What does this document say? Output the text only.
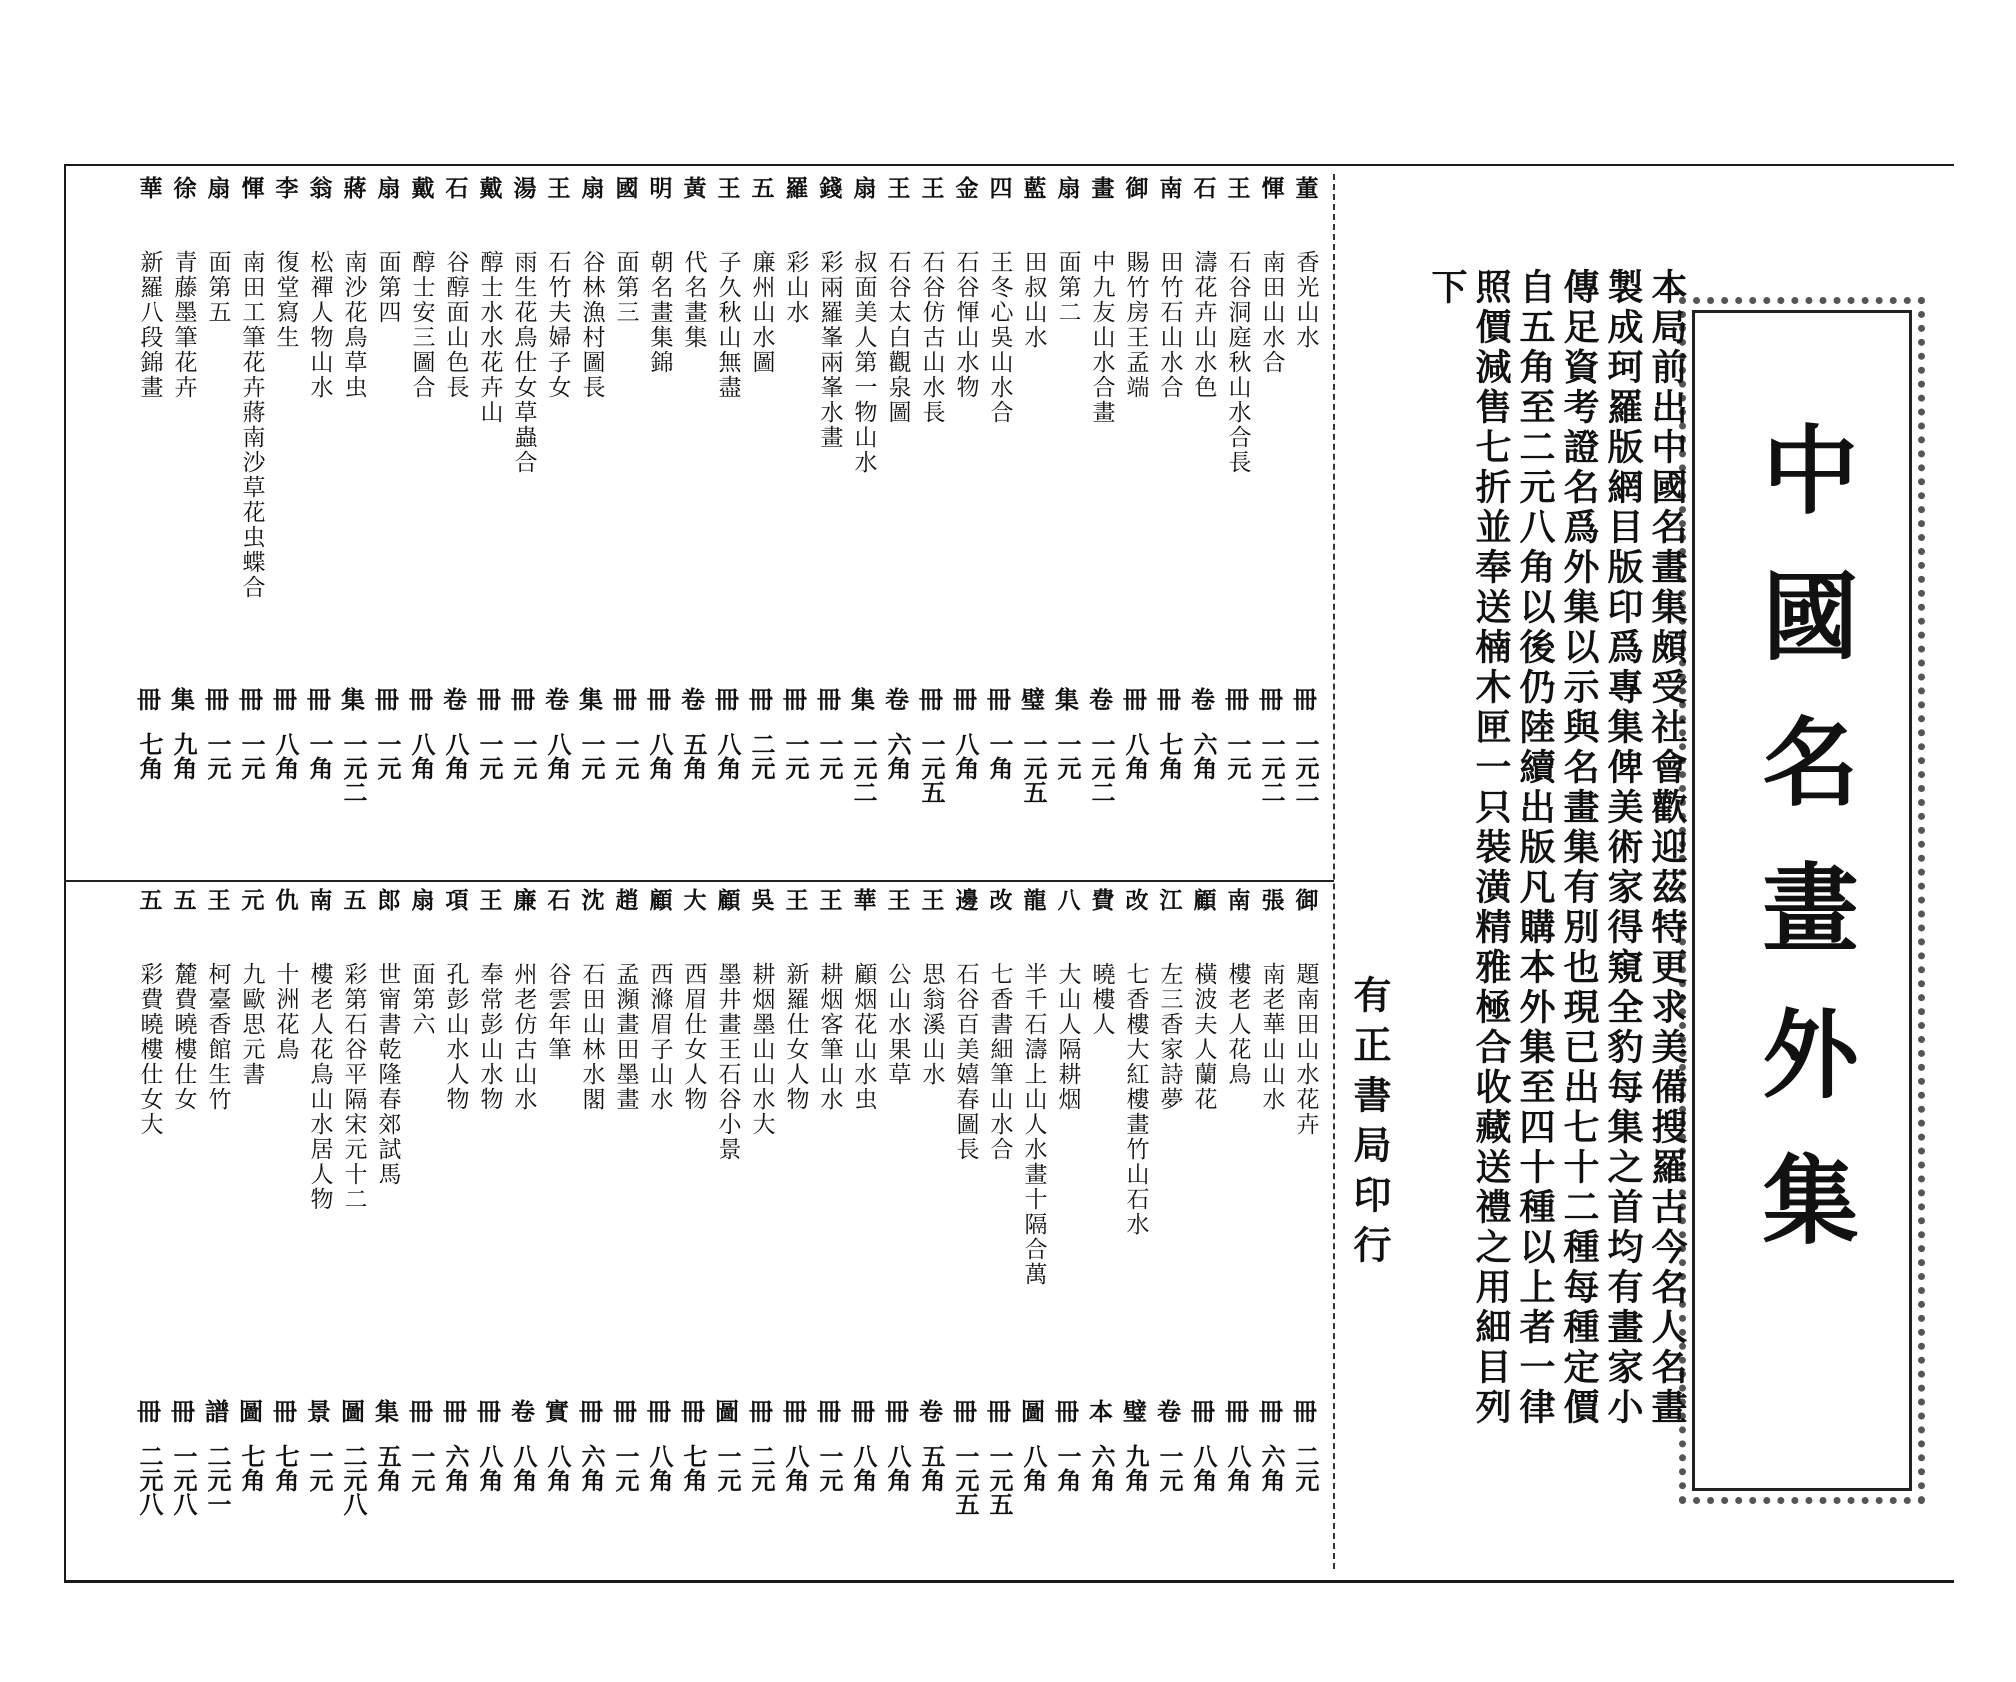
董
香光山水
冊
一元二
惲
南田山水合
冊
一元二
王
石谷洞庭秋山水合長
冊
一元
石
濤花卉山水色
卷
六角
南
田竹石山水合
冊
七角
御
賜竹房王孟端
冊
八角
畫
中九友山水合畫
卷
一元二
扇
面第二
集
一元
藍
田叔山水
璧
一元五
四
王冬心吳山水合
冊
一角
金
石谷惲山水物
冊
八角
王
石谷仿古山水長
冊
一元五
王
石谷太白觀泉圖
卷
六角
扇
叔面美人第一物山水
集
一元二
錢
彩兩羅峯兩峯水畫
冊
一元
羅
彩山水
冊
一元
五
廉州山水圖
冊
二元
王
子久秋山無盡
冊
八角
黃
代名畫集
卷
五角
明
朝名畫集錦
冊
八角
國
面第三
冊
一元
扇
谷林漁村圖長
集
一元
王
石竹夫婦子女
卷
八角
湯
雨生花鳥仕女草蟲合
冊
一元
戴
醇士水水花卉山
冊
一元
石
谷醇面山色長
卷
八角
戴
醇士安三圖合
冊
八角
扇
面第四
冊
一元
蔣
南沙花鳥草虫
集
一元二
翁
松禪人物山水
冊
一角
李
復堂寫生
冊
八角
惲
南田工筆花卉蔣南沙草花虫蝶合
冊
一元
扇
面第五
冊
一元
徐
青藤墨筆花卉
集
九角
華
新羅八段錦畫
冊
七角
御
題南田山水花卉
冊
二元
張
南老華山山水
冊
六角
南
樓老人花鳥
冊
八角
顧
橫波夫人蘭花
冊
八角
江
左三香家詩夢
卷
一元
改
七香樓大紅樓畫竹山石水
璧
九角
費
曉樓人
本
六角
八
大山人隔耕烟
冊
一角
龍
半千石濤上山人水畫十隔合萬
圖
八角
改
七香書細筆山水合
冊
一元五
邊
石谷百美嬉春圖長
冊
一元五
王
思翁溪山水
卷
五角
王
公山水果草
冊
八角
華
顧烟花山水虫
冊
八角
王
耕烟客筆山水
冊
一元
王
新羅仕女人物
冊
八角
吳
耕烟墨山山水大
冊
二元
顧
墨井畫王石谷小景
圖
一元
大
西眉仕女人物
冊
七角
顧
西滌眉子山水
冊
八角
趙
孟瀕畫田墨畫
冊
一元
沈
石田山林水閣
冊
六角
石
谷雲年筆
實
八角
廉
州老仿古山水
卷
八角
王
奉常彭山水物
冊
八角
項
孔彭山水人物
冊
六角
扇
面第六
冊
一元
郎
世甯書乾隆春郊試馬
集
五角
五
彩第石谷平隔宋元十二
圖
二元八
南
樓老人花鳥山水居人物
景
一元
仇
十洲花鳥
冊
七角
元
九歐思元書
圖
七角
王
柯臺香館生竹
譜
二元一
五
麓費曉樓仕女
冊
一元八
五
彩費曉樓仕女大
冊
二元八
中國名畫外集
本局前出中國名畫集頗受社會歡迎茲特更求美備搜羅古今名人名畫
製成珂羅版網目版印爲專集俾美術家得窺全豹每集之首均有畫家小
傳足資考證名爲外集以示與名畫集有別也現已出七十二種每種定價
自五角至二元八角以後仍陸續出版凡購本外集至四十種以上者一律
照價減售七折並奉送楠木匣一只裝潢精雅極合收藏送禮之用細目列
下
有正書局印行
